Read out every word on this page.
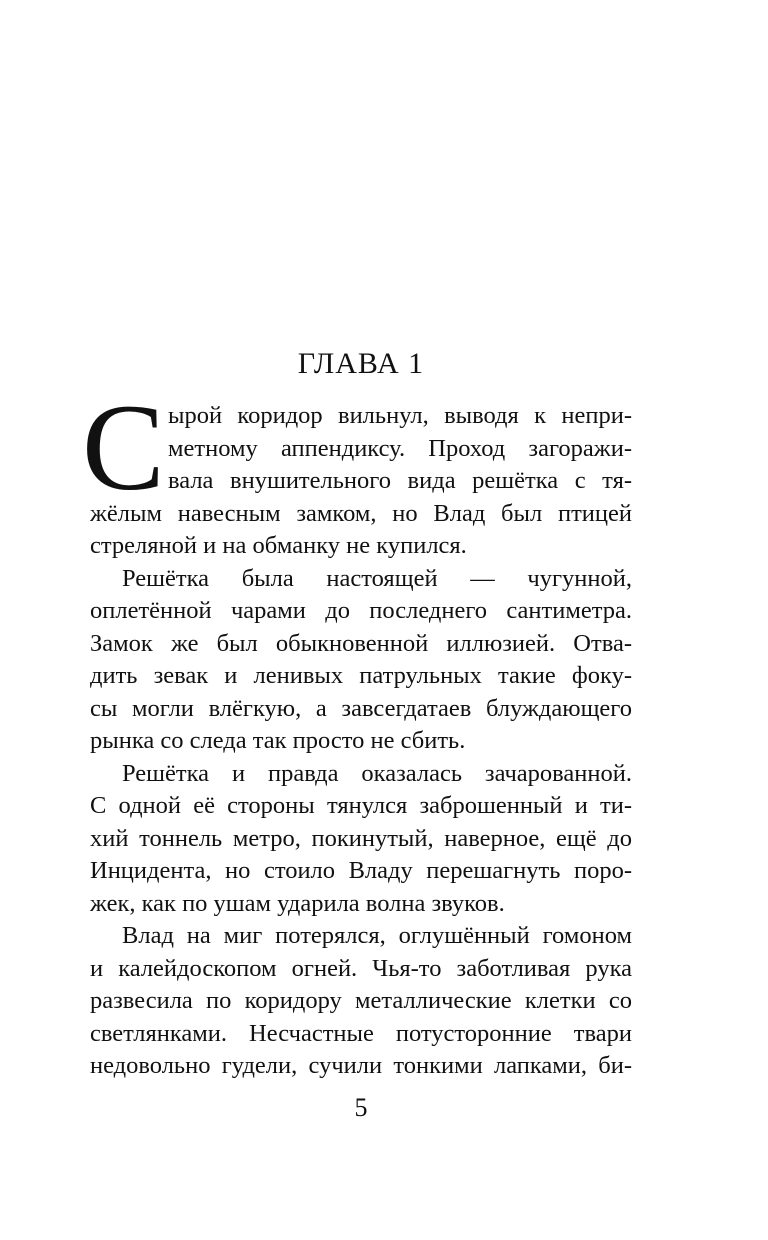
ГЛАВА 1
С ырой коридор вильнул, выводя к непри-
метному аппендиксу. Проход загоражи-
вала внушительного вида решётка с тя-
жёлым навесным замком, но Влад был птицей
стреляной и на обманку не купился.
Решётка была настоящей — чугунной,
оплетённой чарами до последнего сантиметра.
Замок же был обыкновенной иллюзией. Отва-
дить зевак и ленивых патрульных такие фоку-
сы могли влёгкую, а завсегдатаев блуждающего
рынка со следа так просто не сбить.
Решётка и правда оказалась зачарованной.
С одной её стороны тянулся заброшенный и ти-
хий тоннель метро, покинутый, наверное, ещё до
Инцидента, но стоило Владу перешагнуть поро-
жек, как по ушам ударила волна звуков.
Влад на миг потерялся, оглушённый гомоном
и калейдоскопом огней. Чья-то заботливая рука
развесила по коридору металлические клетки со
светлянками. Несчастные потусторонние твари
недовольно гудели, сучили тонкими лапками, би-
5
